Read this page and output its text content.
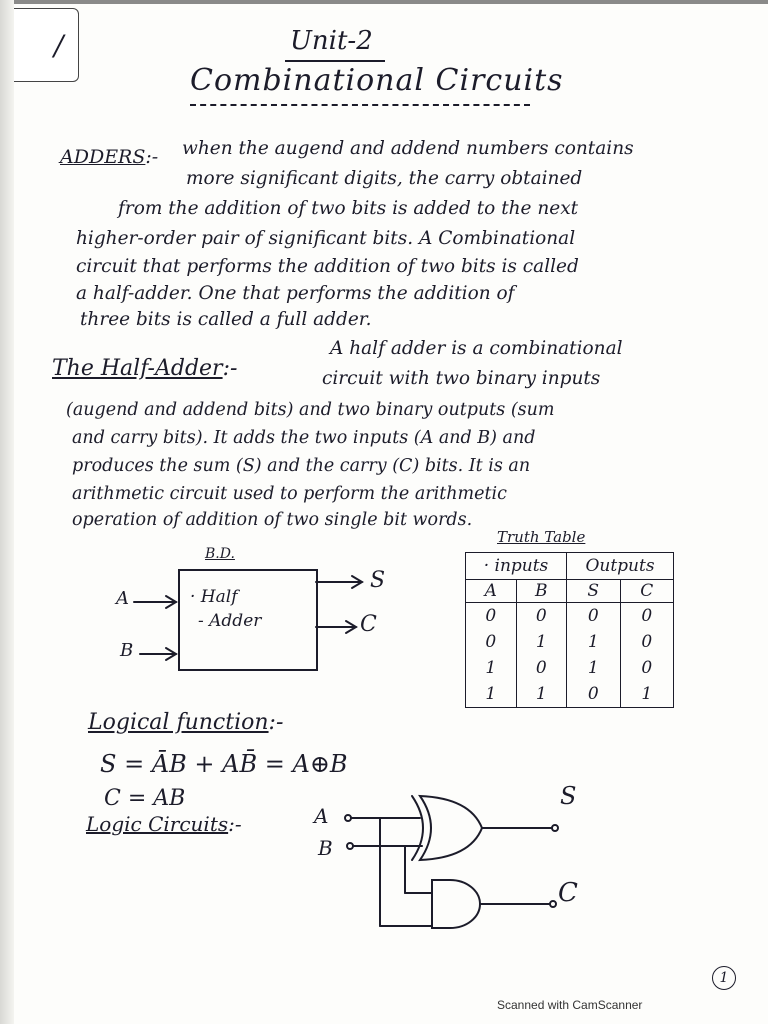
/	Unit-2
Combinational Circuits
ADDERS:- when the augend and addend numbers contains
more significant digits, the carry obtained
from the addition of two bits is added to the next
higher-order pair of significant bits. A Combinational
circuit that performs the addition of two bits is called
a half-adder. One that performs the addition of
three bits is called a full adder.
The Half-Adder:-
A half adder is a combinational
circuit with two binary inputs
(augend and addend bits) and two binary outputs (sum
and carry bits). It adds the two inputs (A and B) and
produces the sum (S) and the carry (C) bits. It is an
arithmetic circuit used to perform the arithmetic
operation of addition of two single bit words.
B.D.
· Half
- Adder
A
B
S
C
Truth Table
· inputs		Outputs	
A	B	S	C
0	0	0	0
0	1	1	0
1	0	1	0
1	1	0	1
Logical function:-
S = ĀB + AB̄ = A⊕B
C = AB
Logic Circuits:-	A
B
S
C
1
Scanned with CamScanner
